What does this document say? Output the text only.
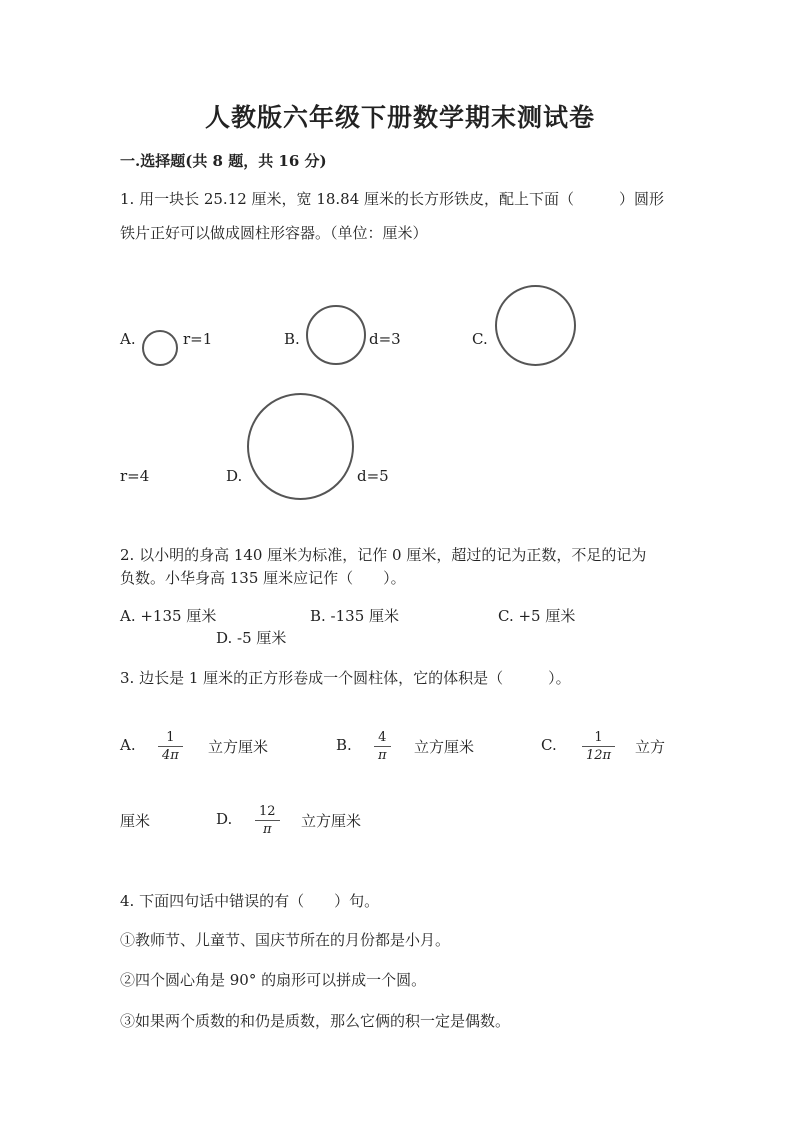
人教版六年级下册数学期末测试卷
一.选择题(共 8 题，共 16 分)
1. 用一块长 25.12 厘米，宽 18.84 厘米的长方形铁皮，配上下面（　　　）圆形
铁片正好可以做成圆柱形容器。（单位：厘米）
A.	r=1	B.	d=3	C.
r=4	D.	d=5
2. 以小明的身高 140 厘米为标准，记作 0 厘米，超过的记为正数，不足的记为
负数。小华身高 135 厘米应记作（　　）。
A. +135 厘米	B. -135 厘米	C. +5 厘米
D. -5 厘米
3. 边长是 1 厘米的正方形卷成一个圆柱体，它的体积是（　　　）。
A.	1
4π 立方厘米	B.	4
π 立方厘米	C.	1
12π 立方
厘米	D.	12
π 立方厘米
4. 下面四句话中错误的有（　　）句。
①教师节、儿童节、国庆节所在的月份都是小月。
②四个圆心角是 90° 的扇形可以拼成一个圆。
③如果两个质数的和仍是质数，那么它俩的积一定是偶数。
